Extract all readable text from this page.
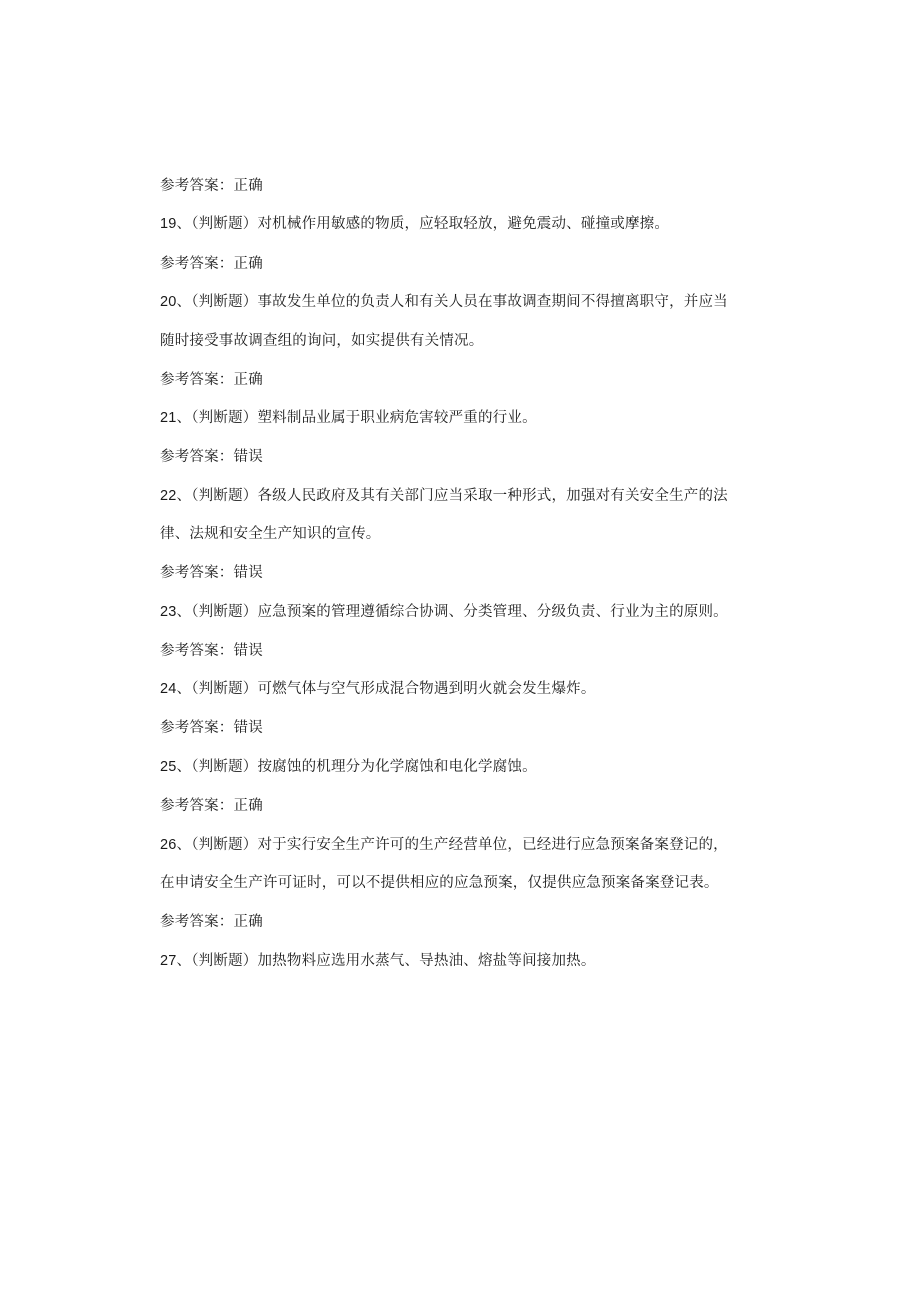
参考答案：正确
19、（判断题）对机械作用敏感的物质，应轻取轻放，避免震动、碰撞或摩擦。
参考答案：正确
20、（判断题）事故发生单位的负责人和有关人员在事故调查期间不得擅离职守，并应当
随时接受事故调查组的询问，如实提供有关情况。
参考答案：正确
21、（判断题）塑料制品业属于职业病危害较严重的行业。
参考答案：错误
22、（判断题）各级人民政府及其有关部门应当采取一种形式，加强对有关安全生产的法
律、法规和安全生产知识的宣传。
参考答案：错误
23、（判断题）应急预案的管理遵循综合协调、分类管理、分级负责、行业为主的原则。
参考答案：错误
24、（判断题）可燃气体与空气形成混合物遇到明火就会发生爆炸。
参考答案：错误
25、（判断题）按腐蚀的机理分为化学腐蚀和电化学腐蚀。
参考答案：正确
26、（判断题）对于实行安全生产许可的生产经营单位，已经进行应急预案备案登记的，
在申请安全生产许可证时，可以不提供相应的应急预案，仅提供应急预案备案登记表。
参考答案：正确
27、（判断题）加热物料应选用水蒸气、导热油、熔盐等间接加热。
